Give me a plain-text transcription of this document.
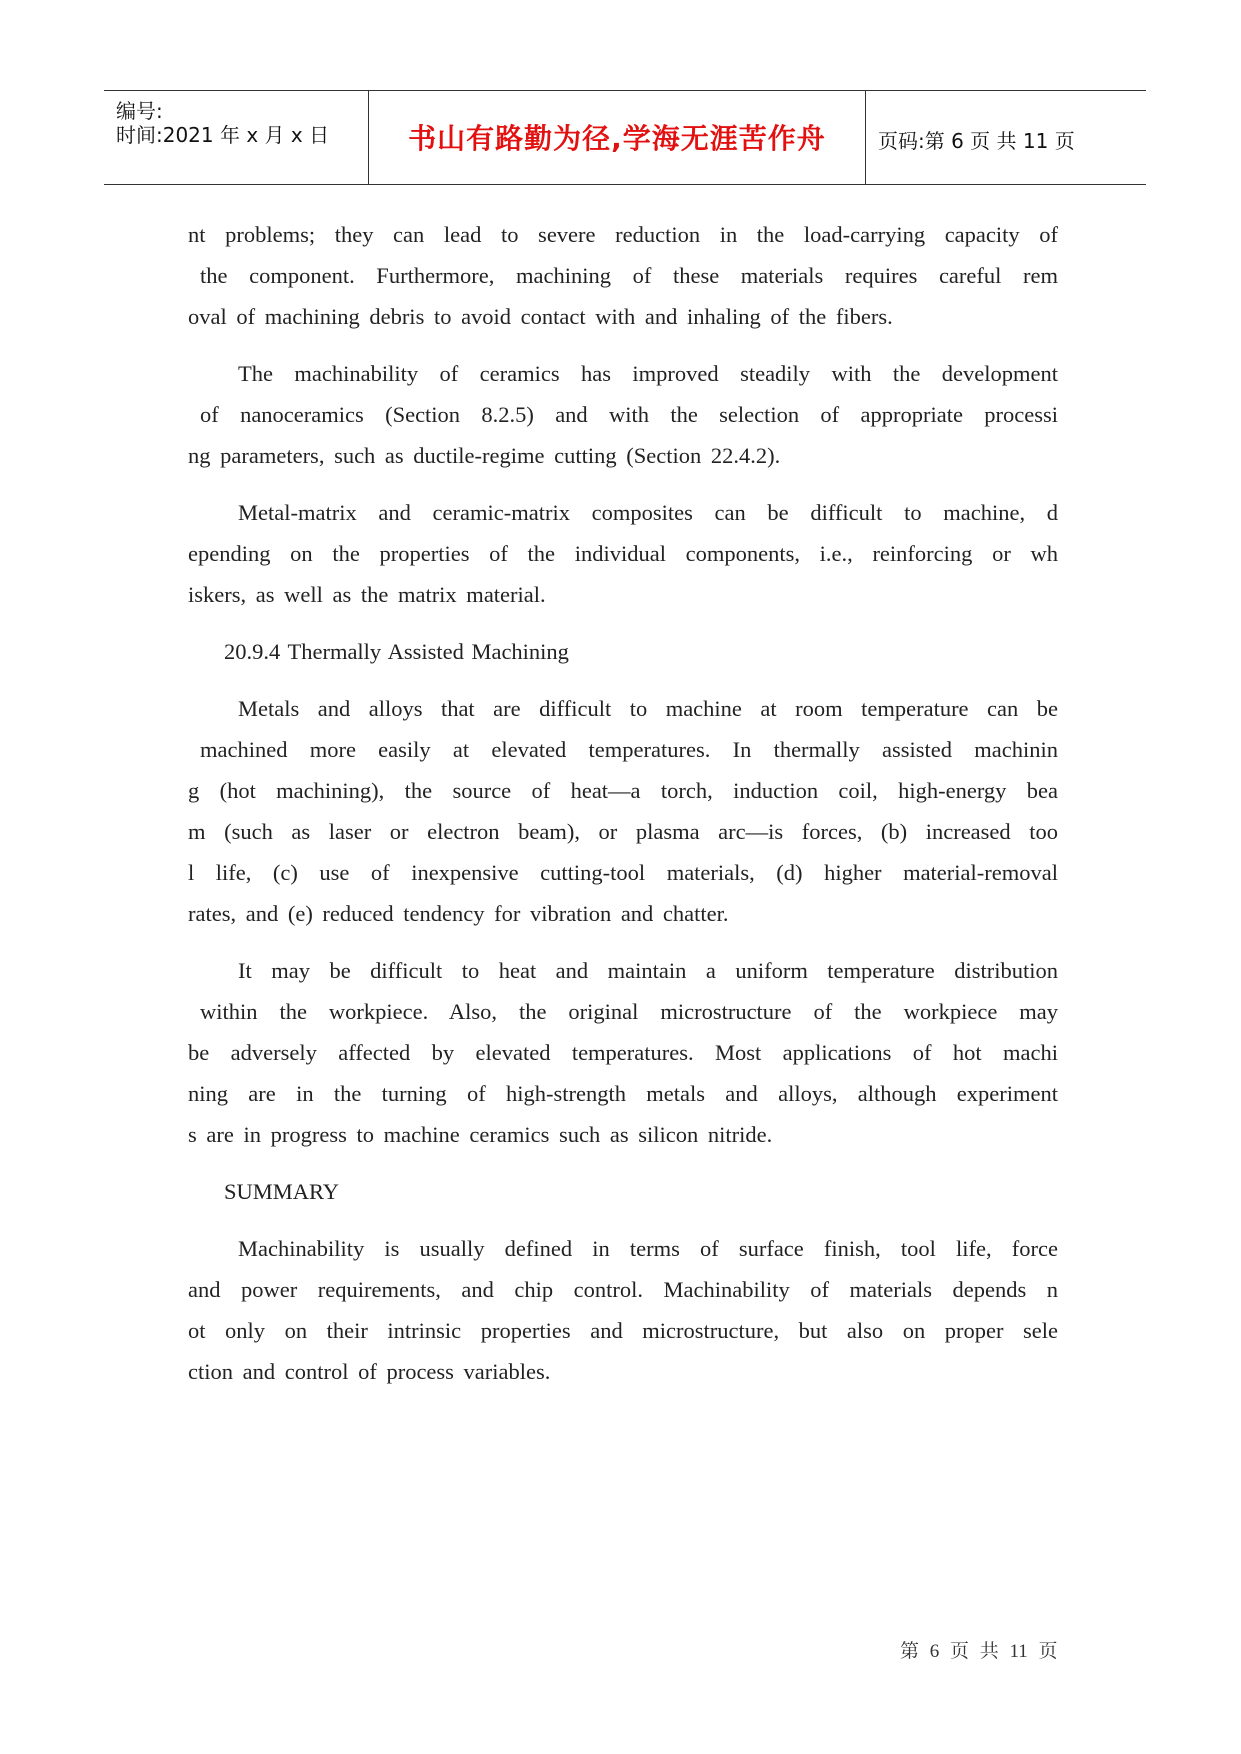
编号:
时间:2021 年 x 月 x 日	书山有路勤为径,学海无涯苦作舟	页码:第 6 页 共 11 页
nt problems; they can lead to severe reduction in the load-carrying capacity of
the component. Furthermore, machining of these materials requires careful rem
oval of machining debris to avoid contact with and inhaling of the fibers.
The machinability of ceramics has improved steadily with the development
of nanoceramics (Section 8.2.5) and with the selection of appropriate processi
ng parameters, such as ductile-regime cutting (Section 22.4.2).
Metal-matrix and ceramic-matrix composites can be difficult to machine, d
epending on the properties of the individual components, i.e., reinforcing or wh
iskers, as well as the matrix material.
20.9.4 Thermally Assisted Machining
Metals and alloys that are difficult to machine at room temperature can be
machined more easily at elevated temperatures. In thermally assisted machinin
g (hot machining), the source of heat—a torch, induction coil, high-energy bea
m (such as laser or electron beam), or plasma arc—is forces, (b) increased too
l life, (c) use of inexpensive cutting-tool materials, (d) higher material-removal
rates, and (e) reduced tendency for vibration and chatter.
It may be difficult to heat and maintain a uniform temperature distribution
within the workpiece. Also, the original microstructure of the workpiece may
be adversely affected by elevated temperatures. Most applications of hot machi
ning are in the turning of high-strength metals and alloys, although experiment
s are in progress to machine ceramics such as silicon nitride.
SUMMARY
Machinability is usually defined in terms of surface finish, tool life, force
and power requirements, and chip control. Machinability of materials depends n
ot only on their intrinsic properties and microstructure, but also on proper sele
ction and control of process variables.
第 6 页 共 11 页
